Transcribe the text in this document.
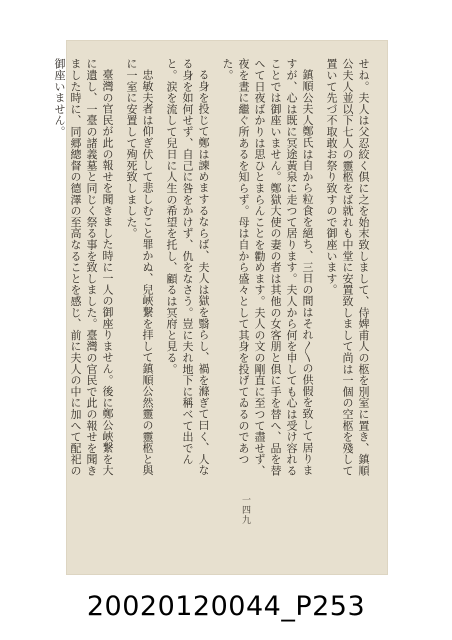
せね。夫人は父忍絞く倶に之を始末致しまして、侍婢甫人の柩を別室に置き、鎮順公夫人並以下七人の靈柩をば就れも中堂に安置致しまして尚は一個の空柩を殘して置いて先づ不取敢お祭り致すので御座います。

鎮順公夫人鄭氏は自から粒食を絕ち、三日の間はそれ〳〵の供假を致して居りますが、心は既に冥途黃泉に走つて居ります。夫人から何を申しても心は受け容れることでは御座いません。鄭獄大使の妻の者は其他の女客朋と俱に手を替へ、品を替へて日夜ばかりは思ひとまらんことを勸めます。夫人の文の剛直に至つて盡せず、夜を晝に繼ぐ所あるを知らず。母は自から盛々として其身を投げてゐるのであつた。

る身を投じて鄭は諫めまするならば、夫人は獄を翳らし、禍を滌ぎて曰く、人なる身を如何せず、自己に咎をかけず、仇をなさう。豈に夫れ地下に稱べて出でんと。涙を流して兒日に人生の希望を托し、顧るは冥府と見る。

忠敏夫者は仰ぎ伏して悲しむこと罪かぬ、兒峽繋を拝して鎮順公然靈の靈柩と與に一室に安置して殉死致しました。

臺灣の官民が此の報せを聞きました時に一人の御座りません。後に鄭公峽繋を大に遺し、一臺の諸義墓と同じく祭る事を致しました。臺灣の官民で此の報せを聞きました時に、同郷總督の德澤の至高なることを感じ、前に夫人の中に加へて配祀の御座いません。

一四九
20020120044_P253
